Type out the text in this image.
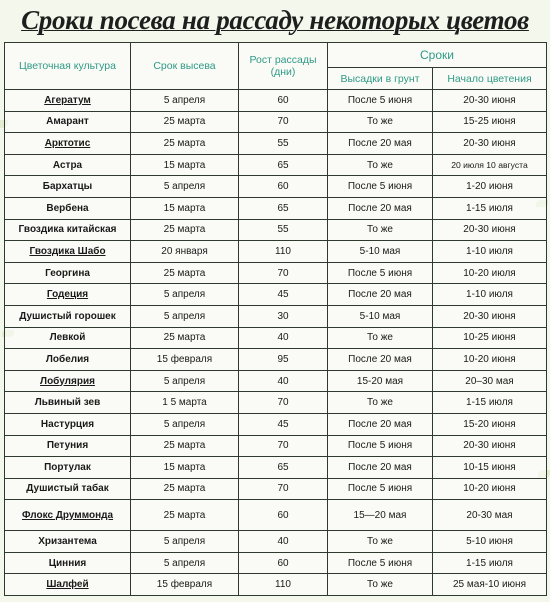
Сроки посева на рассаду некоторых цветов
Цветочная культура	Срок высева	Рост рассады (дни)	Сроки	
			Высадки в грунт	Начало цветения
Агератум	5 апреля	60	После 5 июня	20-30 июня
Амарант	25 марта	70	То же	15-25 июня
Арктотис	25 марта	55	После 20 мая	20-30 июня
Астра	15 марта	65	То же	20 июля 10 августа
Бархатцы	5 апреля	60	После 5 июня	1-20 июня
Вербена	15 марта	65	После 20 мая	1-15 июля
Гвоздика китайская	25 марта	55	То же	20-30 июня
Гвоздика Шабо	20 января	110	5-10 мая	1-10 июля
Георгина	25 марта	70	После 5 июня	10-20 июля
Годеция	5 апреля	45	После 20 мая	1-10 июля
Душистый горошек	5 апреля	30	5-10 мая	20-30 июня
Левкой	25 марта	40	То же	10-25 июня
Лобелия	15 февраля	95	После 20 мая	10-20 июня
Лобулярия	5 апреля	40	15-20 мая	20–30 мая
Львиный зев	1 5 марта	70	То же	1-15 июля
Настурция	5 апреля	45	После 20 мая	15-20 июня
Петуния	25 марта	70	После 5 июня	20-30 июня
Портулак	15 марта	65	После 20 мая	10-15 июня
Душистый табак	25 марта	70	После 5 июня	10-20 июня
Флокс Друммонда	25 марта	60	15—20 мая	20-30 мая
Хризантема	5 апреля	40	То же	5-10 июня
Цинния	5 апреля	60	После 5 июня	1-15 июля
Шалфей	15 февраля	110	То же	25 мая-10 июня
